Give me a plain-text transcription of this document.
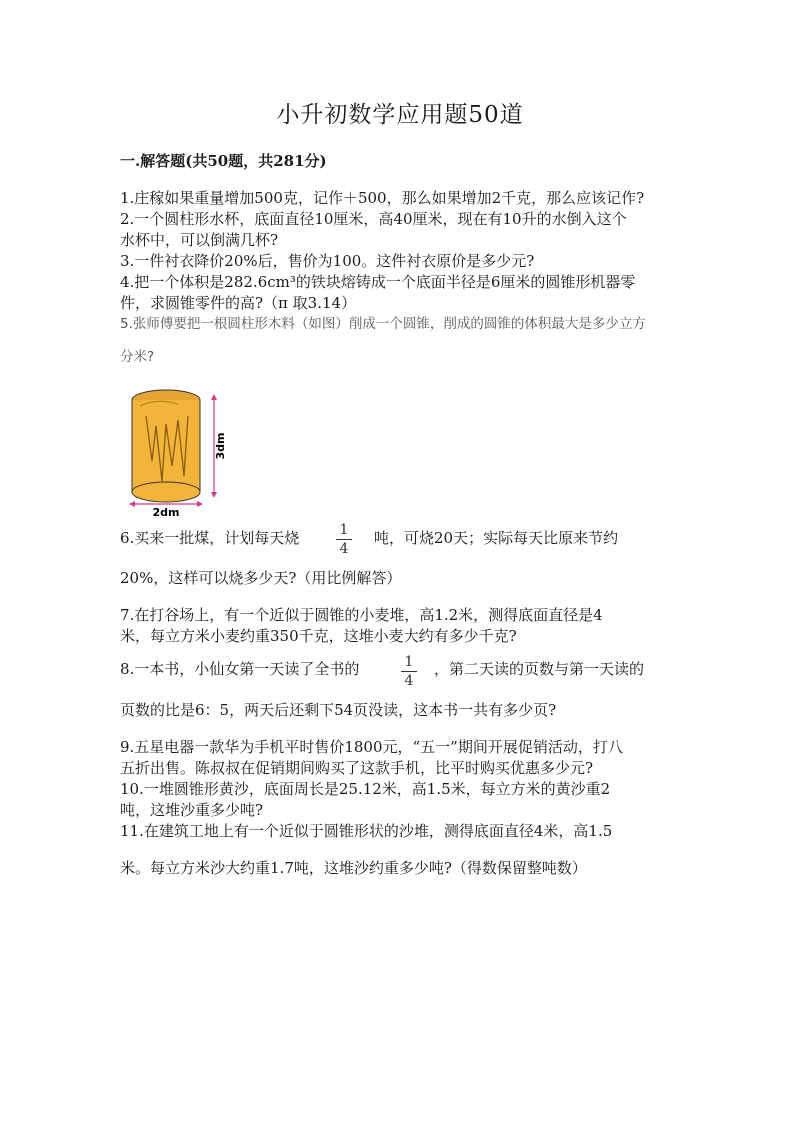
小升初数学应用题50道
一.解答题(共50题，共281分)
1.庄稼如果重量增加500克，记作＋500，那么如果增加2千克，那么应该记作?
2.一个圆柱形水杯，底面直径10厘米，高40厘米，现在有10升的水倒入这个
水杯中，可以倒满几杯?
3.一件衬衣降价20%后，售价为100。这件衬衣原价是多少元?
4.把一个体积是282.6cm³的铁块熔铸成一个底面半径是6厘米的圆锥形机器零
件，求圆锥零件的高?（π 取3.14）
5.张师傅要把一根圆柱形木料（如图）削成一个圆锥，削成的圆锥的体积最大是多少立方
分米?
3dm
2dm
6.买来一批煤，计划每天烧	$\frac{1}{4}$ 吨，可烧20天；实际每天比原来节约
20%，这样可以烧多少天?（用比例解答）
7.在打谷场上，有一个近似于圆锥的小麦堆，高1.2米，测得底面直径是4
米，每立方米小麦约重350千克，这堆小麦大约有多少千克?
8.一本书，小仙女第一天读了全书的	$\frac{1}{4}$ ，第二天读的页数与第一天读的
页数的比是6：5，两天后还剩下54页没读，这本书一共有多少页?
9.五星电器一款华为手机平时售价1800元，“五一”期间开展促销活动，打八
五折出售。陈叔叔在促销期间购买了这款手机，比平时购买优惠多少元?
10.一堆圆锥形黄沙，底面周长是25.12米，高1.5米，每立方米的黄沙重2
吨，这堆沙重多少吨?
11.在建筑工地上有一个近似于圆锥形状的沙堆，测得底面直径4米，高1.5
米。每立方米沙大约重1.7吨，这堆沙约重多少吨?（得数保留整吨数）
